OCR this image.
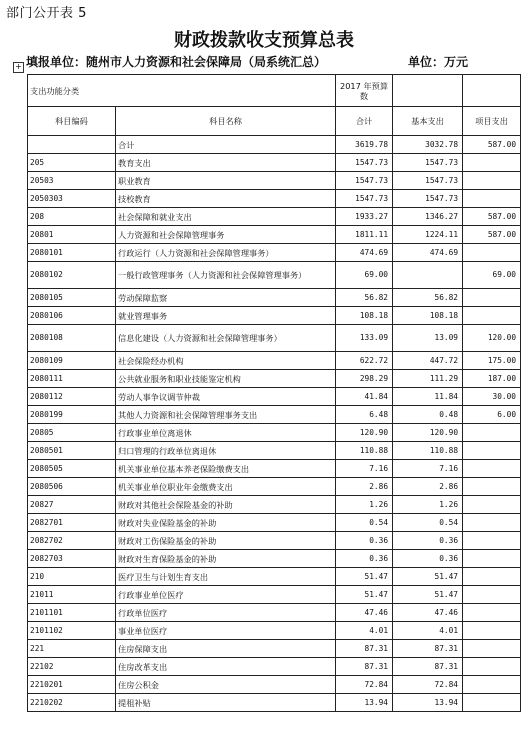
部门公开表 5
财政拨款收支预算总表
+ 填报单位：随州市人力资源和社会保障局（局系统汇总）	单位：万元
支出功能分类		2017 年预算数		
科目编码	科目名称	合计	基本支出	项目支出
	合计	3619.78	3032.78	587.00
205	教育支出	1547.73	1547.73	
20503	职业教育	1547.73	1547.73	
2050303	技校教育	1547.73	1547.73	
208	社会保障和就业支出	1933.27	1346.27	587.00
20801	人力资源和社会保障管理事务	1811.11	1224.11	587.00
2080101	行政运行（人力资源和社会保障管理事务）	474.69	474.69	
2080102	一般行政管理事务（人力资源和社会保障管理事务）	69.00		69.00
2080105	劳动保障监察	56.82	56.82	
2080106	就业管理事务	108.18	108.18	
2080108	信息化建设（人力资源和社会保障管理事务）	133.09	13.09	120.00
2080109	社会保险经办机构	622.72	447.72	175.00
2080111	公共就业服务和职业技能鉴定机构	298.29	111.29	187.00
2080112	劳动人事争议调节仲裁	41.84	11.84	30.00
2080199	其他人力资源和社会保障管理事务支出	6.48	0.48	6.00
20805	行政事业单位离退休	120.90	120.90	
2080501	归口管理的行政单位离退休	110.88	110.88	
2080505	机关事业单位基本养老保险缴费支出	7.16	7.16	
2080506	机关事业单位职业年金缴费支出	2.86	2.86	
20827	财政对其他社会保险基金的补助	1.26	1.26	
2082701	财政对失业保险基金的补助	0.54	0.54	
2082702	财政对工伤保险基金的补助	0.36	0.36	
2082703	财政对生育保险基金的补助	0.36	0.36	
210	医疗卫生与计划生育支出	51.47	51.47	
21011	行政事业单位医疗	51.47	51.47	
2101101	行政单位医疗	47.46	47.46	
2101102	事业单位医疗	4.01	4.01	
221	住房保障支出	87.31	87.31	
22102	住房改革支出	87.31	87.31	
2210201	住房公积金	72.84	72.84	
2210202	提租补贴	13.94	13.94	
